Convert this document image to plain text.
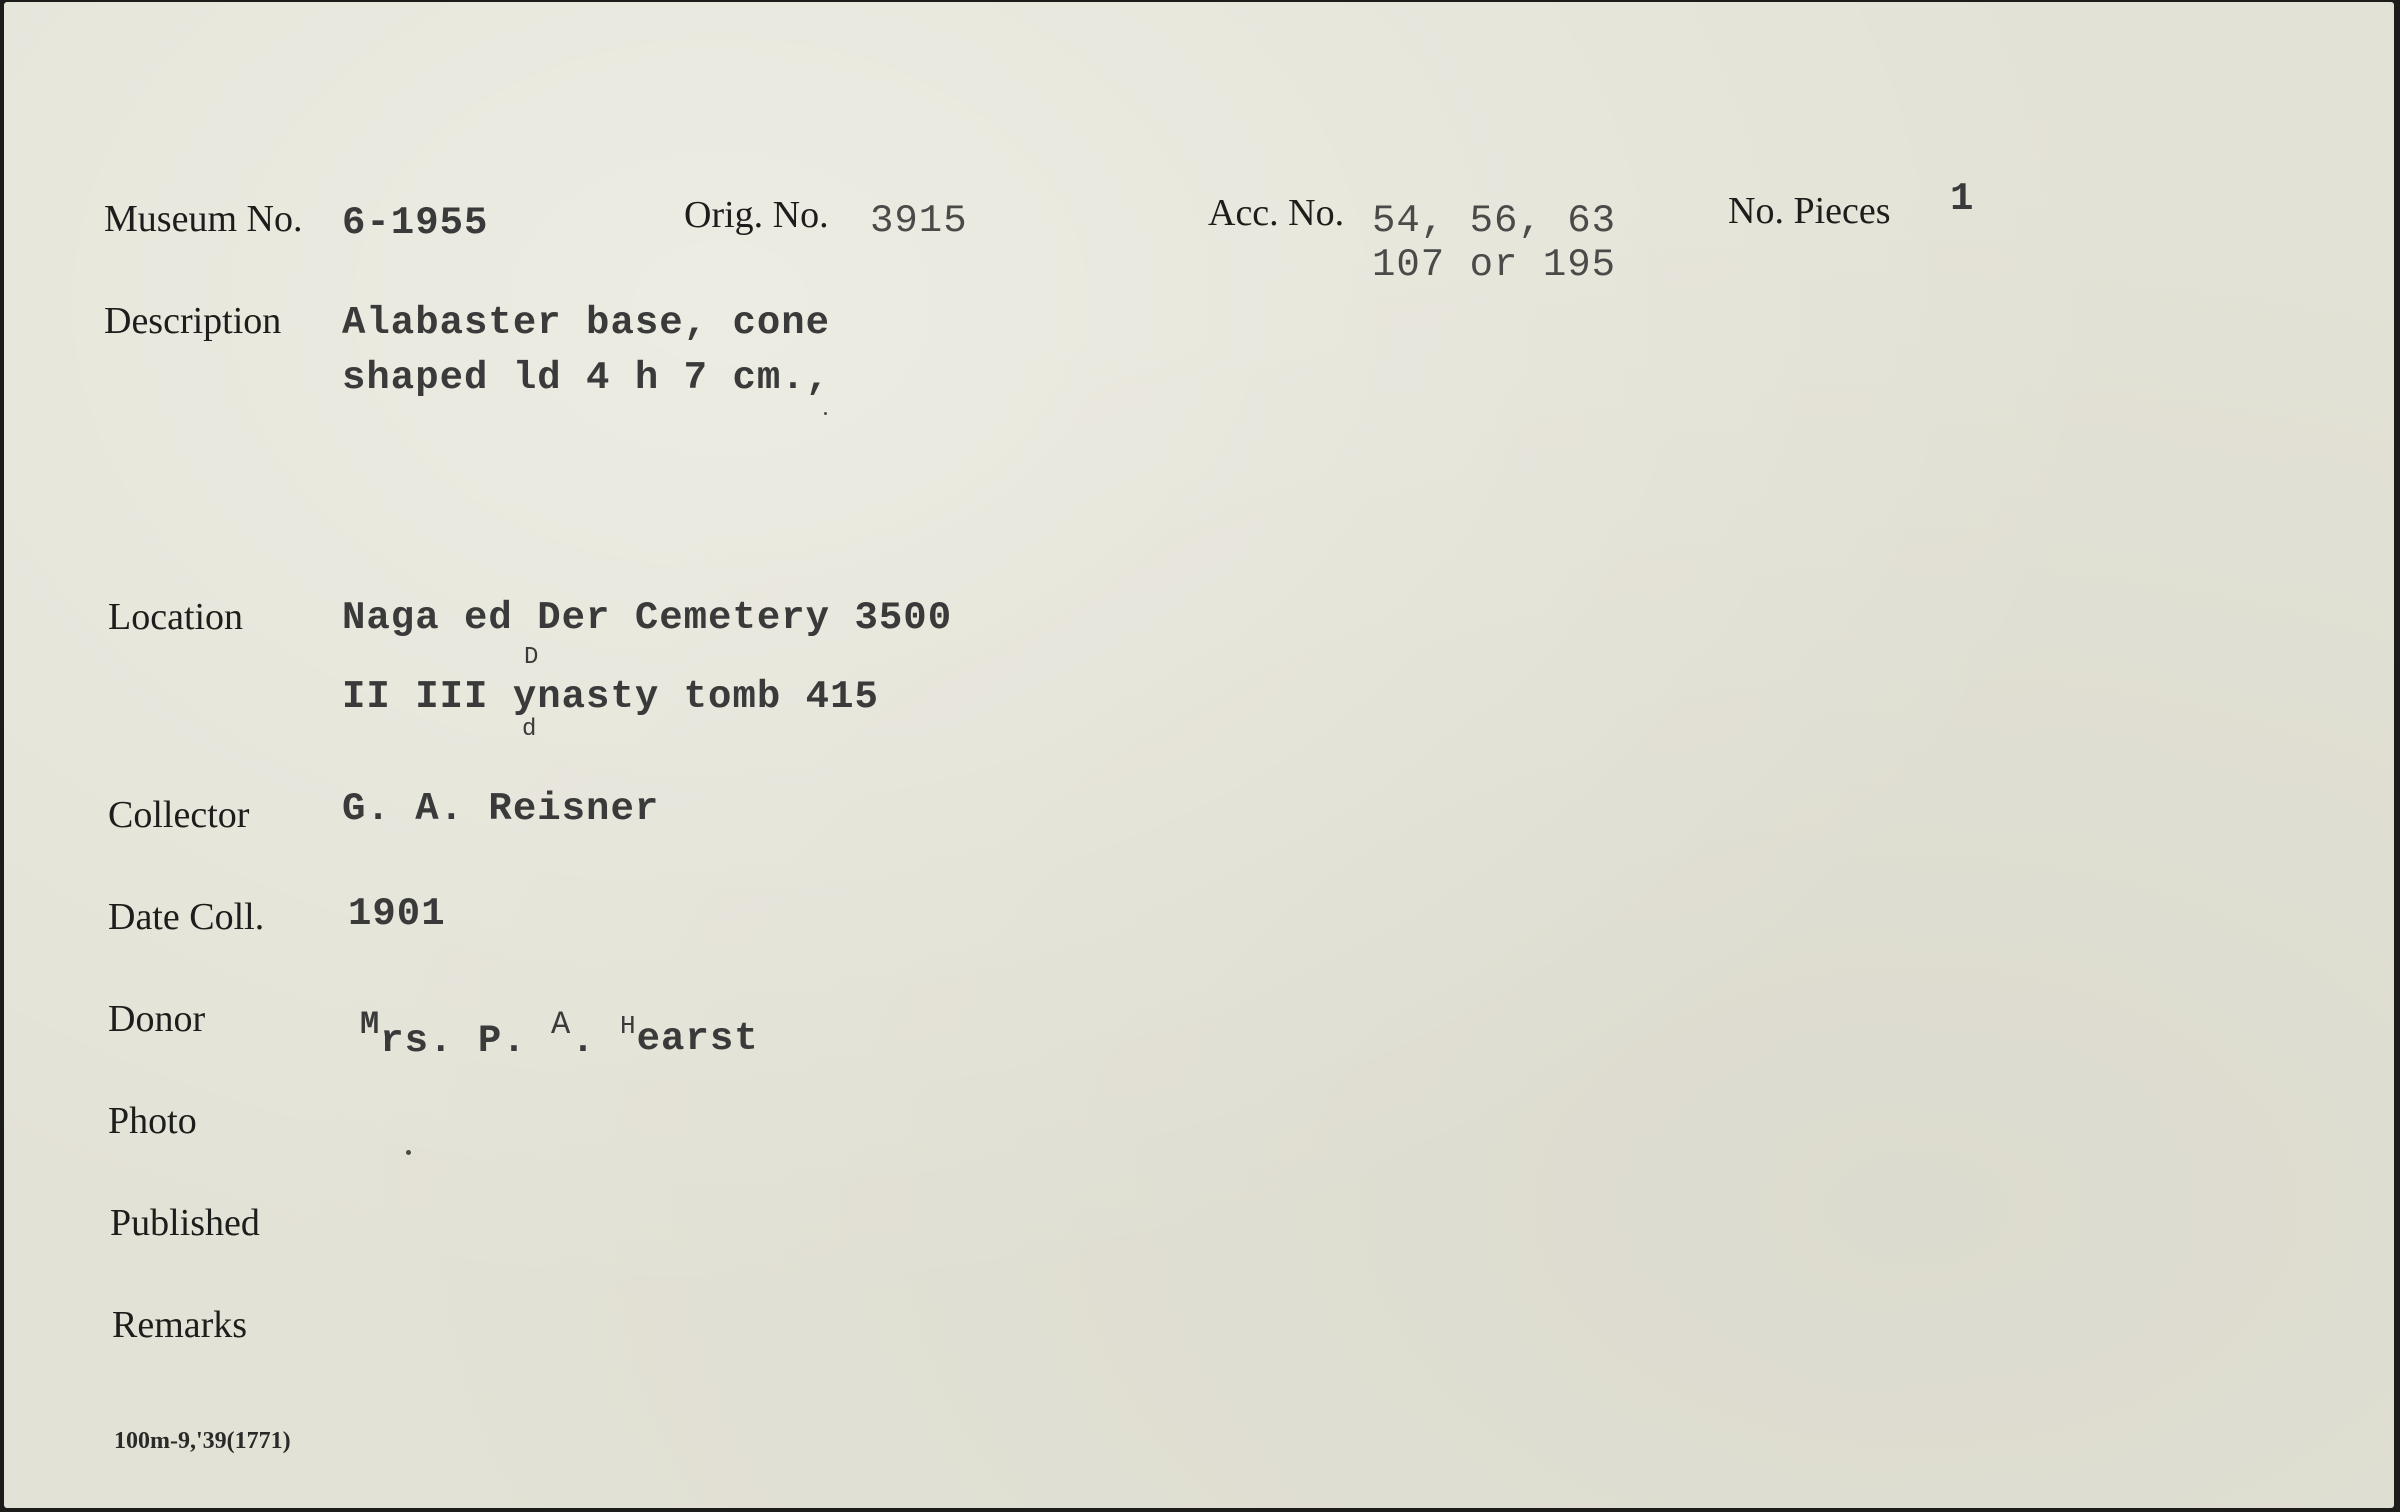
Museum No. 6-1955	Orig. No. 3915	Acc. No. 54, 56, 63
107 or 195
No. Pieces 1
Description Alabaster base, cone
shaped ld 4 h 7 cm.,
Location	Naga ed Der Cemetery 3500
D
II III ynasty tomb 415
d
Collector G. A. Reisner
Date Coll. 1901
Donor	Mrs. P. A. Hearst

Photo
Published
Remarks
100m-9,'39(1771)
